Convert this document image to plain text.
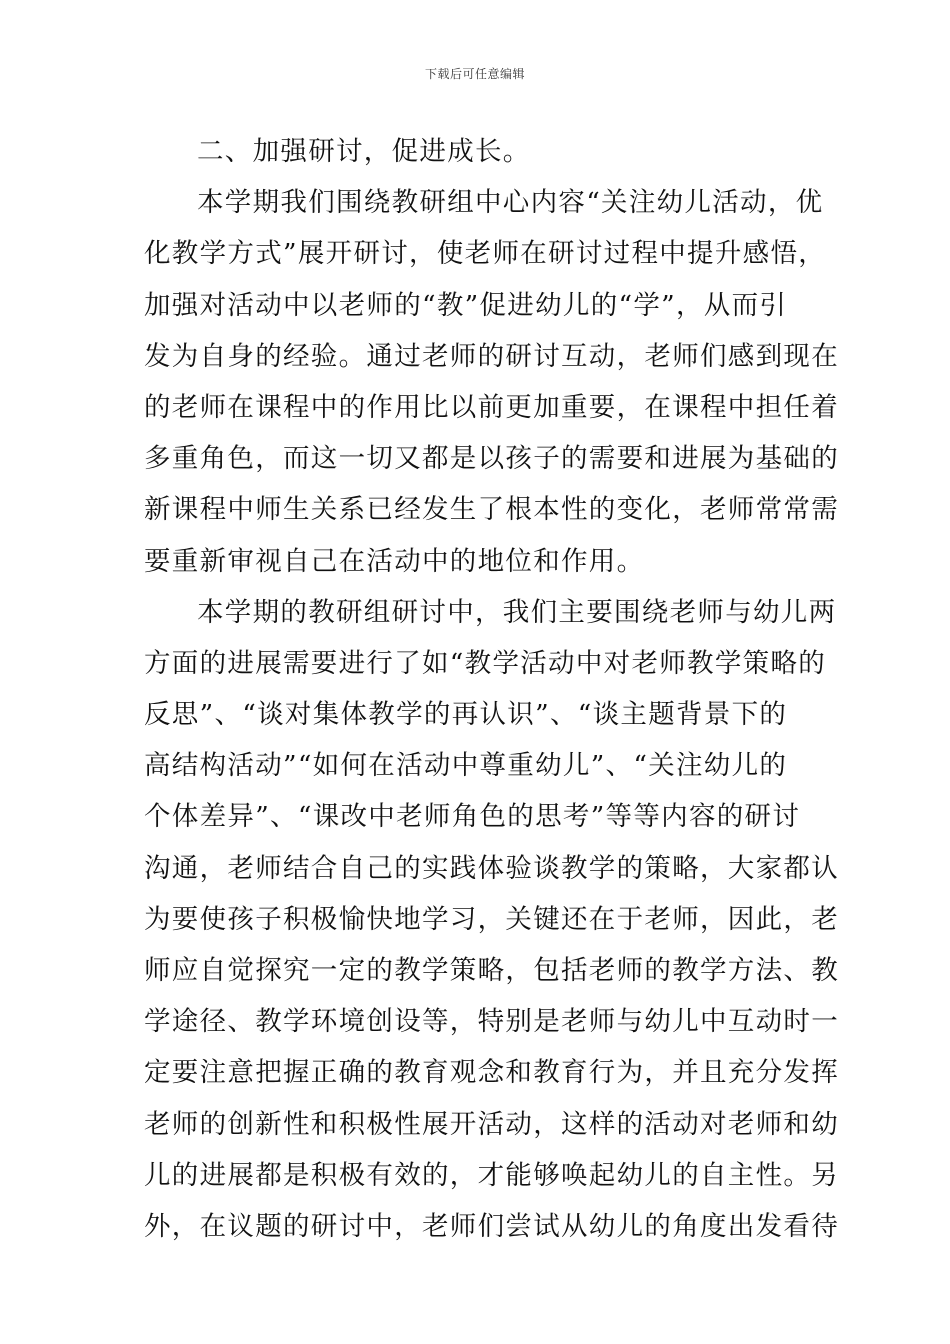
下载后可任意编辑
二、加强研讨，促进成长。
本学期我们围绕教研组中心内容“关注幼儿活动，优
化教学方式”展开研讨，使老师在研讨过程中提升感悟，
加强对活动中以老师的“教”促进幼儿的“学”，从而引
发为自身的经验。通过老师的研讨互动，老师们感到现在
的老师在课程中的作用比以前更加重要，在课程中担任着
多重角色，而这一切又都是以孩子的需要和进展为基础的
新课程中师生关系已经发生了根本性的变化，老师常常需
要重新审视自己在活动中的地位和作用。
本学期的教研组研讨中，我们主要围绕老师与幼儿两
方面的进展需要进行了如“教学活动中对老师教学策略的
反思”、“谈对集体教学的再认识”、“谈主题背景下的
高结构活动”“如何在活动中尊重幼儿”、“关注幼儿的
个体差异”、“课改中老师角色的思考”等等内容的研讨
沟通，老师结合自己的实践体验谈教学的策略，大家都认
为要使孩子积极愉快地学习，关键还在于老师，因此，老
师应自觉探究一定的教学策略，包括老师的教学方法、教
学途径、教学环境创设等，特别是老师与幼儿中互动时一
定要注意把握正确的教育观念和教育行为，并且充分发挥
老师的创新性和积极性展开活动，这样的活动对老师和幼
儿的进展都是积极有效的，才能够唤起幼儿的自主性。另
外，在议题的研讨中，老师们尝试从幼儿的角度出发看待
